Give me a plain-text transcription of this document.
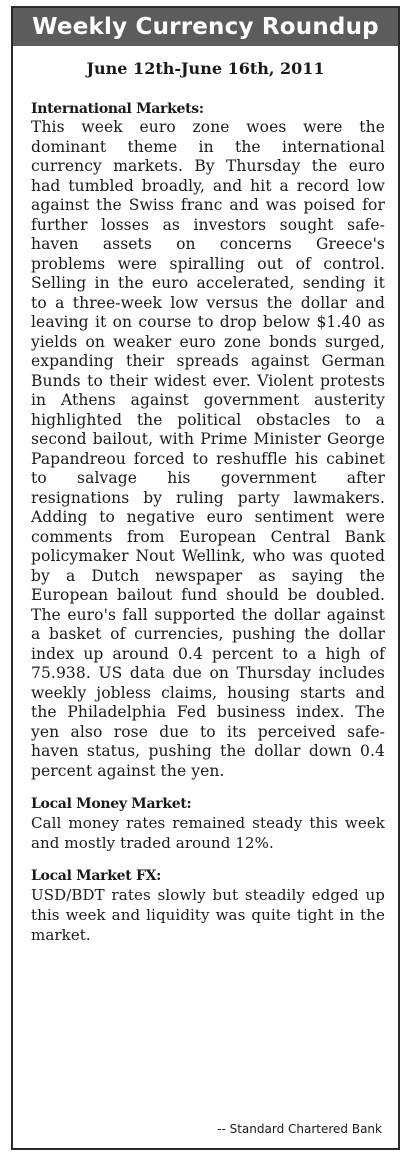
Weekly Currency Roundup
June 12th-June 16th, 2011

International Markets:

This week euro zone woes were the dominant theme in the international currency markets. By Thursday the euro had tumbled broadly, and hit a record low against the Swiss franc and was poised for further losses as investors sought safe-haven assets on concerns Greece's problems were spiralling out of control. Selling in the euro accelerated, sending it to a three-week low versus the dollar and leaving it on course to drop below $1.40 as yields on weaker euro zone bonds surged, expanding their spreads against German Bunds to their widest ever. Violent protests in Athens against government austerity highlighted the political obstacles to a second bailout, with Prime Minister George Papandreou forced to reshuffle his cabinet to salvage his government after resignations by ruling party lawmakers. Adding to negative euro sentiment were comments from European Central Bank policymaker Nout Wellink, who was quoted by a Dutch newspaper as saying the European bailout fund should be doubled. The euro's fall supported the dollar against a basket of currencies, pushing the dollar index up around 0.4 percent to a high of 75.938. US data due on Thursday includes weekly jobless claims, housing starts and the Philadelphia Fed business index. The yen also rose due to its perceived safe-haven status, pushing the dollar down 0.4 percent against the yen.

Local Money Market:

Call money rates remained steady this week and mostly traded around 12%.

Local Market FX:

USD/BDT rates slowly but steadily edged up this week and liquidity was quite tight in the market.

-- Standard Chartered Bank
